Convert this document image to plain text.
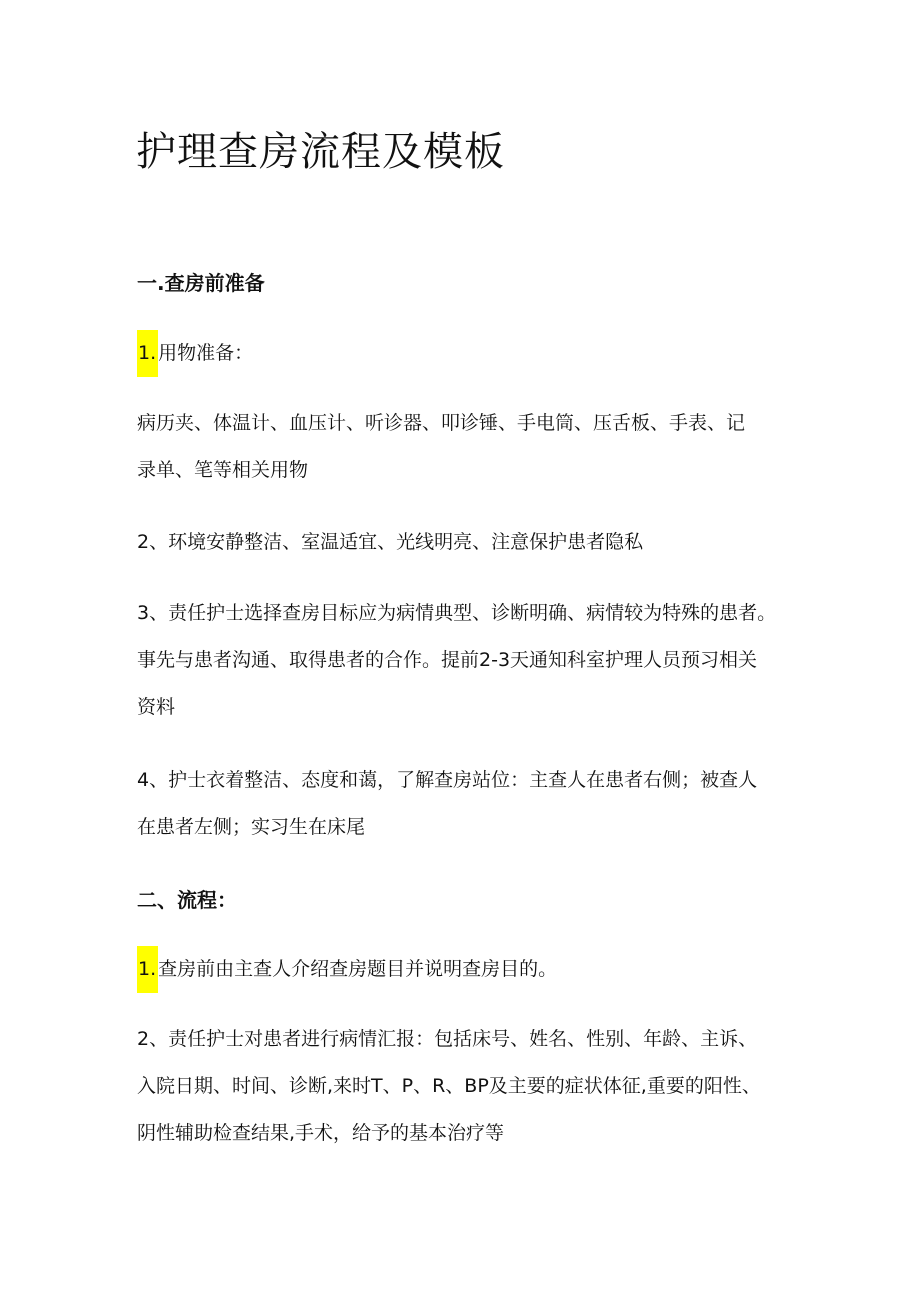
护理查房流程及模板
一.查房前准备

1. 用物准备：

病历夹、体温计、血压计、听诊器、叩诊锤、手电筒、压舌板、手表、记
录单、笔等相关用物

2、环境安静整洁、室温适宜、光线明亮、注意保护患者隐私

3、责任护士选择查房目标应为病情典型、诊断明确、病情较为特殊的患者。
事先与患者沟通、取得患者的合作。提前2-3天通知科室护理人员预习相关
资料

4、护士衣着整洁、态度和蔼，了解查房站位：主查人在患者右侧；被查人
在患者左侧；实习生在床尾

二、流程：

1. 查房前由主查人介绍查房题目并说明查房目的。

2、责任护士对患者进行病情汇报：包括床号、姓名、性别、年龄、主诉、
入院日期、时间、诊断,来时T、P、R、BP及主要的症状体征,重要的阳性、
阴性辅助检查结果,手术，给予的基本治疗等
